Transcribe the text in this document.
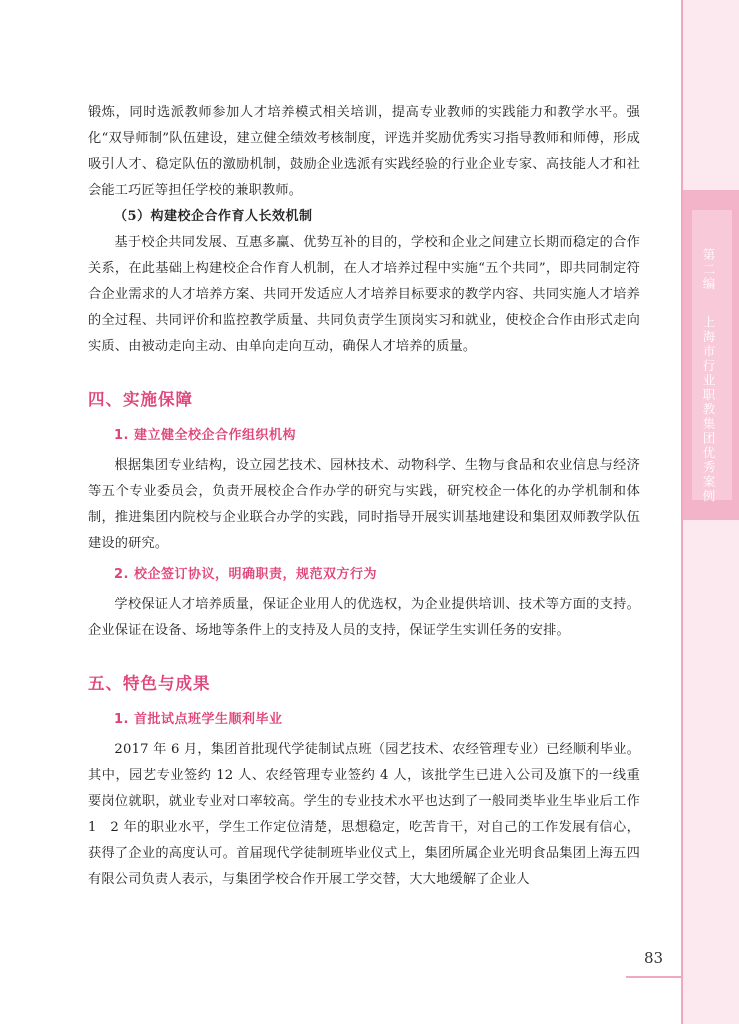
第二编  上海市行业职教集团优秀案例

锻炼，同时选派教师参加人才培养模式相关培训，提高专业教师的实践能力和教学水平。强化“双导师制”队伍建设，建立健全绩效考核制度，评选并奖励优秀实习指导教师和师傅，形成吸引人才、稳定队伍的激励机制，鼓励企业选派有实践经验的行业企业专家、高技能人才和社会能工巧匠等担任学校的兼职教师。

（5）构建校企合作育人长效机制

基于校企共同发展、互惠多赢、优势互补的目的，学校和企业之间建立长期而稳定的合作关系，在此基础上构建校企合作育人机制，在人才培养过程中实施“五个共同”，即共同制定符合企业需求的人才培养方案、共同开发适应人才培养目标要求的教学内容、共同实施人才培养的全过程、共同评价和监控教学质量、共同负责学生顶岗实习和就业，使校企合作由形式走向实质、由被动走向主动、由单向走向互动，确保人才培养的质量。

四、实施保障

1. 建立健全校企合作组织机构

根据集团专业结构，设立园艺技术、园林技术、动物科学、生物与食品和农业信息与经济等五个专业委员会，负责开展校企合作办学的研究与实践，研究校企一体化的办学机制和体制，推进集团内院校与企业联合办学的实践，同时指导开展实训基地建设和集团双师教学队伍建设的研究。

2. 校企签订协议，明确职责，规范双方行为

学校保证人才培养质量，保证企业用人的优选权，为企业提供培训、技术等方面的支持。企业保证在设备、场地等条件上的支持及人员的支持，保证学生实训任务的安排。

五、特色与成果

1. 首批试点班学生顺利毕业

2017 年 6 月，集团首批现代学徒制试点班（园艺技术、农经管理专业）已经顺利毕业。其中，园艺专业签约 12 人、农经管理专业签约 4 人，该批学生已进入公司及旗下的一线重要岗位就职，就业专业对口率较高。学生的专业技术水平也达到了一般同类毕业生毕业后工作 1　2 年的职业水平，学生工作定位清楚，思想稳定，吃苦肯干，对自己的工作发展有信心，获得了企业的高度认可。首届现代学徒制班毕业仪式上，集团所属企业光明食品集团上海五四有限公司负责人表示，与集团学校合作开展工学交替，大大地缓解了企业人

83
